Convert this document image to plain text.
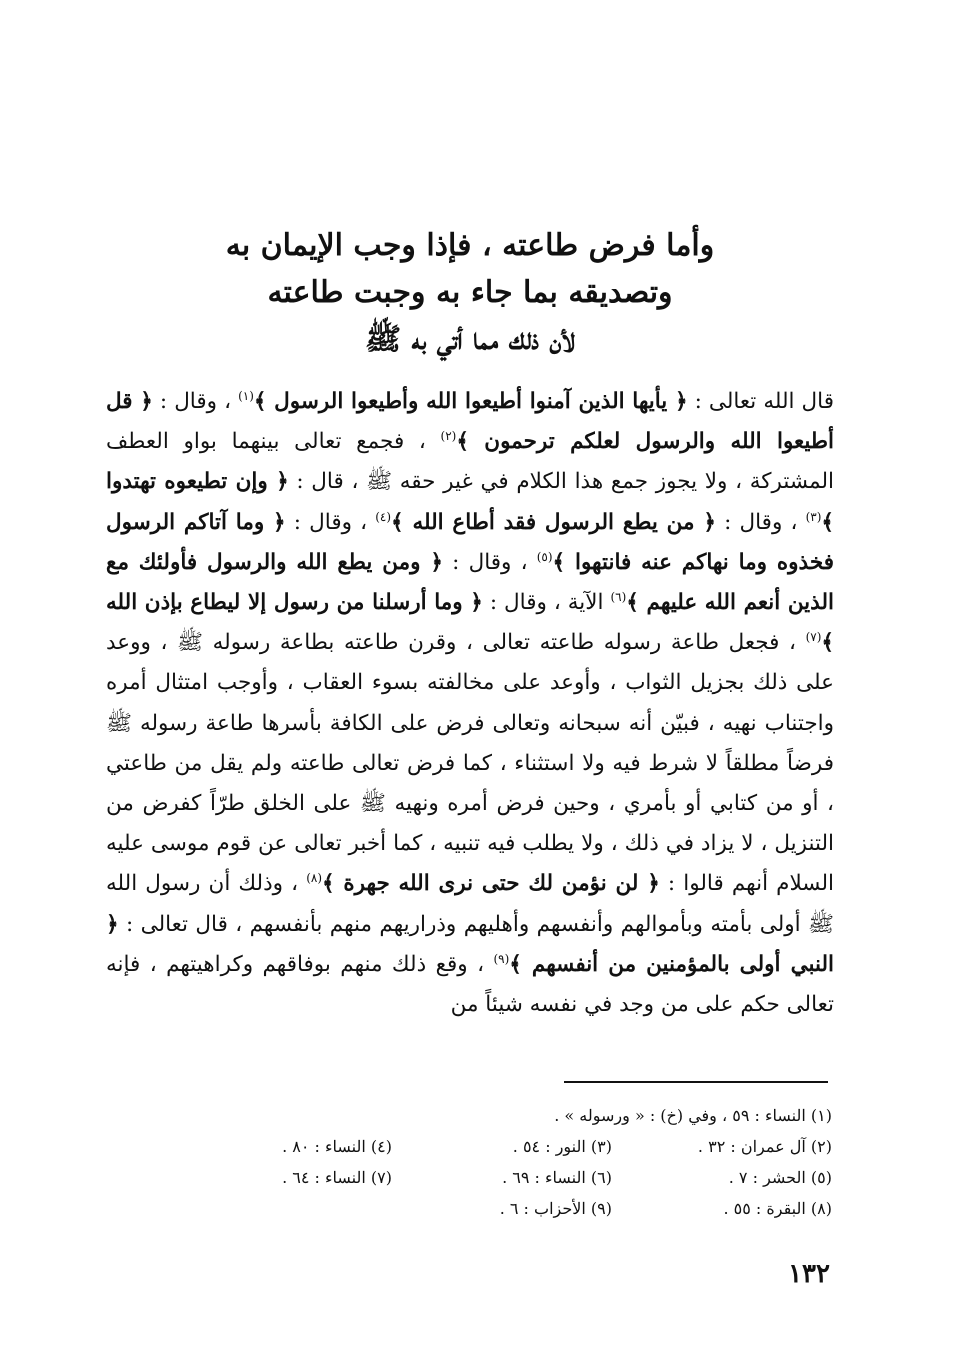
وأما فرض طاعته ، فإذا وجب الإيمان به
وتصديقه بما جاء به وجبت طاعته
لأن ذلك مما أتي به ﷺ
قال الله تعالى : ﴿ يأيها الذين آمنوا أطيعوا الله وأطيعوا الرسول ﴾$^{(١)}$ ، وقال : ﴿ قل أطيعوا الله والرسول لعلكم ترحمون ﴾$^{(٢)}$ ، فجمع تعالى بينهما بواو العطف المشتركة ، ولا يجوز جمع هذا الكلام في غير حقه ﷺ ، قال : ﴿ وإن تطيعوه تهتدوا ﴾$^{(٣)}$ ، وقال : ﴿ من يطع الرسول فقد أطاع الله ﴾$^{(٤)}$ ، وقال : ﴿ وما آتاكم الرسول فخذوه وما نهاكم عنه فانتهوا ﴾$^{(٥)}$ ، وقال : ﴿ ومن يطع الله والرسول فأولئك مع الذين أنعم الله عليهم ﴾$^{(٦)}$ الآية ، وقال : ﴿ وما أرسلنا من رسول إلا ليطاع بإذن الله ﴾$^{(٧)}$ ، فجعل طاعة رسوله طاعته تعالى ، وقرن طاعته بطاعة رسوله ﷺ ، ووعد على ذلك بجزيل الثواب ، وأوعد على مخالفته بسوء العقاب ، وأوجب امتثال أمره واجتناب نهيه ، فبيّن أنه سبحانه وتعالى فرض على الكافة بأسرها طاعة رسوله ﷺ فرضاً مطلقاً لا شرط فيه ولا استثناء ، كما فرض تعالى طاعته ولم يقل من طاعتي ، أو من كتابي أو بأمري ، وحين فرض أمره ونهيه ﷺ على الخلق طرّاً كفرض من التنزيل ، لا يزاد في ذلك ، ولا يطلب فيه تنبيه ، كما أخبر تعالى عن قوم موسى عليه السلام أنهم قالوا : ﴿ لن نؤمن لك حتى نرى الله جهرة ﴾$^{(٨)}$ ، وذلك أن رسول الله ﷺ أولى بأمته وبأموالهم وأنفسهم وأهليهم وذراريهم منهم بأنفسهم ، قال تعالى : ﴿ النبي أولى بالمؤمنين من أنفسهم ﴾$^{(٩)}$ ، وقع ذلك منهم بوفاقهم وكراهيتهم ، فإنه تعالى حكم على من وجد في نفسه شيئاً من
(١) النساء : ٥٩ ، وفي (خ) : « ورسوله » .
(٢) آل عمران : ٣٢ .
(٣) النور : ٥٤ .
(٤) النساء : ٨٠ .
(٥) الحشر : ٧ .
(٦) النساء : ٦٩ .
(٧) النساء : ٦٤ .
(٨) البقرة : ٥٥ .
(٩) الأحزاب : ٦ .
١٣٢
